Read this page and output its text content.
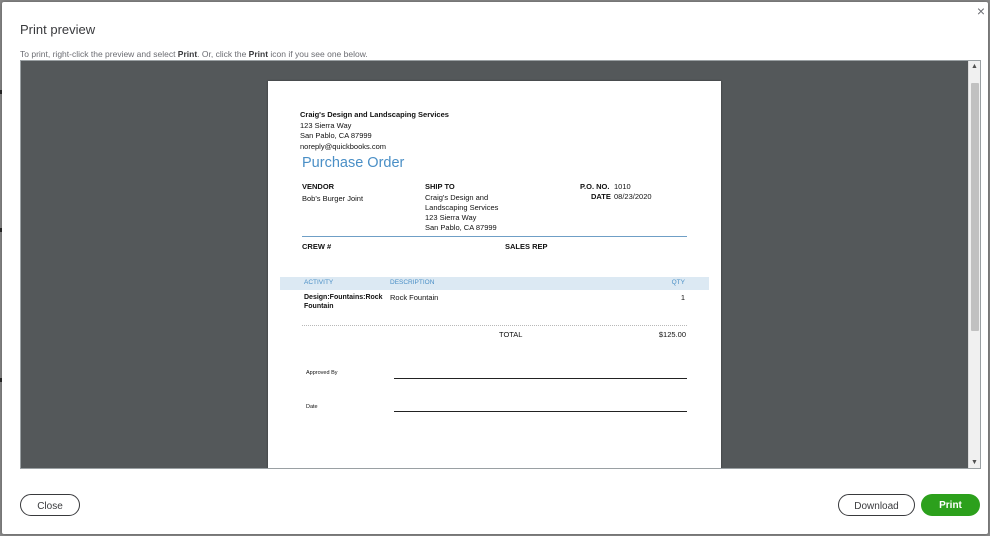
×
Print preview
To print, right-click the preview and select Print. Or, click the Print icon if you see one below.
Craig's Design and Landscaping Services
123 Sierra Way
San Pablo, CA 87999
noreply@quickbooks.com
Purchase Order
VENDOR
Bob's Burger Joint
SHIP TO
Craig's Design and
Landscaping Services
123 Sierra Way
San Pablo, CA 87999
P.O. NO. 1010
DATE 08/23/2020
CREW #	SALES REP
ACTIVITY	DESCRIPTION	QTY
Design:Fountains:Rock
Fountain
Rock Fountain	1
TOTAL	$125.00
Approved By
Date
▲
▼
Close	Download	Print
